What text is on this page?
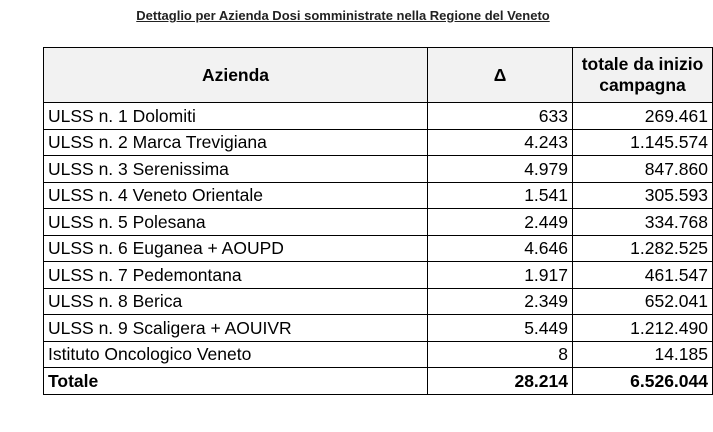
Dettaglio per Azienda Dosi somministrate nella Regione del Veneto
Azienda	Δ	totale da inizio
campagna
ULSS n. 1 Dolomiti	633	269.461
ULSS n. 2 Marca Trevigiana	4.243	1.145.574
ULSS n. 3 Serenissima	4.979	847.860
ULSS n. 4 Veneto Orientale	1.541	305.593
ULSS n. 5 Polesana	2.449	334.768
ULSS n. 6 Euganea + AOUPD	4.646	1.282.525
ULSS n. 7 Pedemontana	1.917	461.547
ULSS n. 8 Berica	2.349	652.041
ULSS n. 9 Scaligera + AOUIVR	5.449	1.212.490
Istituto Oncologico Veneto	8	14.185
Totale	28.214	6.526.044
